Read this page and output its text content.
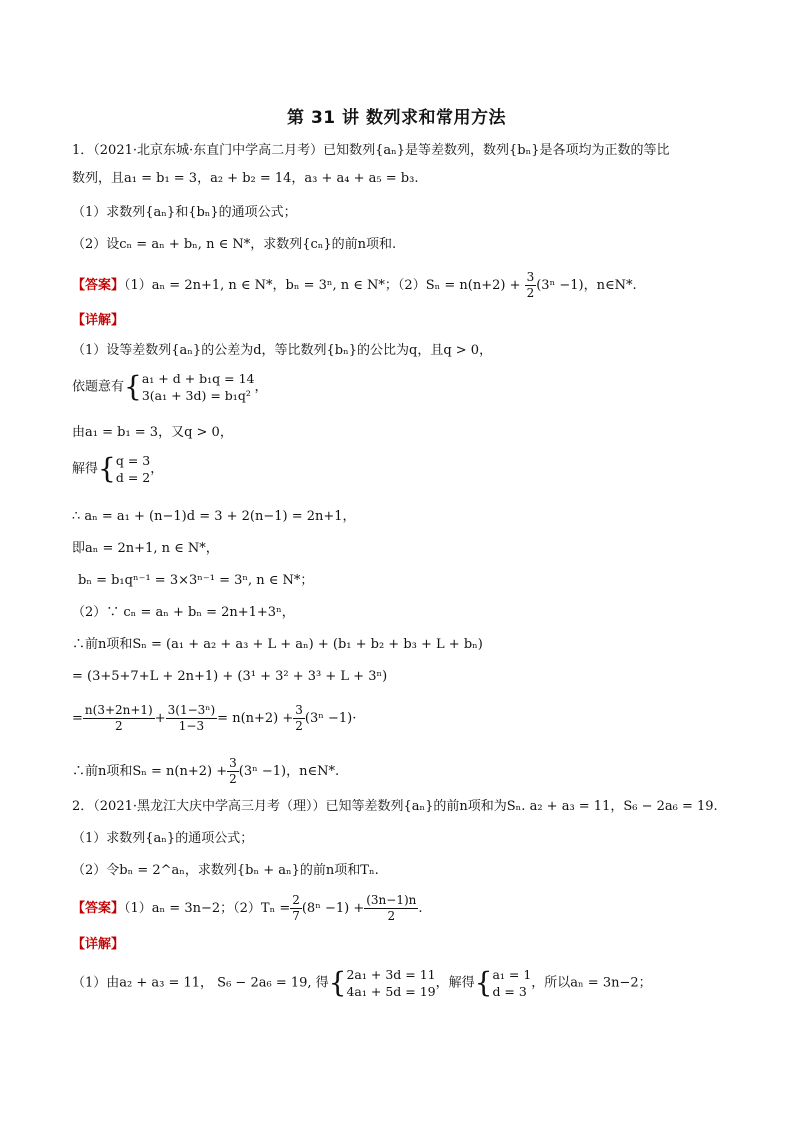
第 31 讲 数列求和常用方法
1．（2021·北京东城·东直门中学高二月考）已知数列{aₙ}是等差数列，数列{bₙ}是各项均为正数的等比
数列，且a₁ = b₁ = 3，a₂ + b₂ = 14，a₃ + a₄ + a₅ = b₃.
（1）求数列{aₙ}和{bₙ}的通项公式；
（2）设cₙ = aₙ + bₙ, n ∈ N*，求数列{cₙ}的前n项和.
【答案】（1）aₙ = 2n+1, n ∈ N*，bₙ = 3ⁿ, n ∈ N*；$(2)S_n = n(n+2) + \frac{3}{2} (3^n -1)$，n∈N*.
【详解】
（1）设等差数列{aₙ}的公差为d，等比数列{bₙ}的公比为q，且q > 0，
依题意有{ a₁ + d + b₁q = 14
3(a₁ + 3d) = b₁q²
，
由a₁ = b₁ = 3，又q > 0，
解得{ q = 3
d = 2
，
∴ aₙ = a₁ + (n−1)d = 3 + 2(n−1) = 2n+1，
即aₙ = 2n+1, n ∈ N*，
bₙ = b₁qⁿ⁻¹ = 3×3ⁿ⁻¹ = 3ⁿ, n ∈ N*；
（2）∵ cₙ = aₙ + bₙ = 2n+1+3ⁿ，
∴前n项和Sₙ = (a₁ + a₂ + a₃ + L + aₙ) + (b₁ + b₂ + b₃ + L + bₙ)
= (3+5+7+L + 2n+1) + (3¹ + 3² + 3³ + L + 3ⁿ)
= $\frac{n(3+2n+1)}{2} + \frac{\text{3(1−3ⁿ)}}{1-3} = n(n+2) + \frac{3}{2} (3^n -1)\cdot$
∴前n项和$S_n = n(n+2) + \frac{3}{2} (3^n -1)$，n∈N*.
2．（2021·黑龙江大庆中学高三月考（理））已知等差数列{aₙ}的前n项和为Sₙ. a₂ + a₃ = 11，S₆ − 2a₆ = 19.
（1）求数列{aₙ}的通项公式；
（2）令bₙ = 2^aₙ，求数列{bₙ + aₙ}的前n项和Tₙ.
【答案】（1）aₙ = 3n−2；$(2)T_n = \frac{2}{7} (8^n -1) + \frac{(3n-1)n}{2}$ .
【详解】
（1）由a₂ + a₃ = 11， S₆ − 2a₆ = 19, 得{ 2a₁ + 3d = 11
4a₁ + 5d = 19
，解得{ a₁ = 1
d = 3
，所以aₙ = 3n−2；
